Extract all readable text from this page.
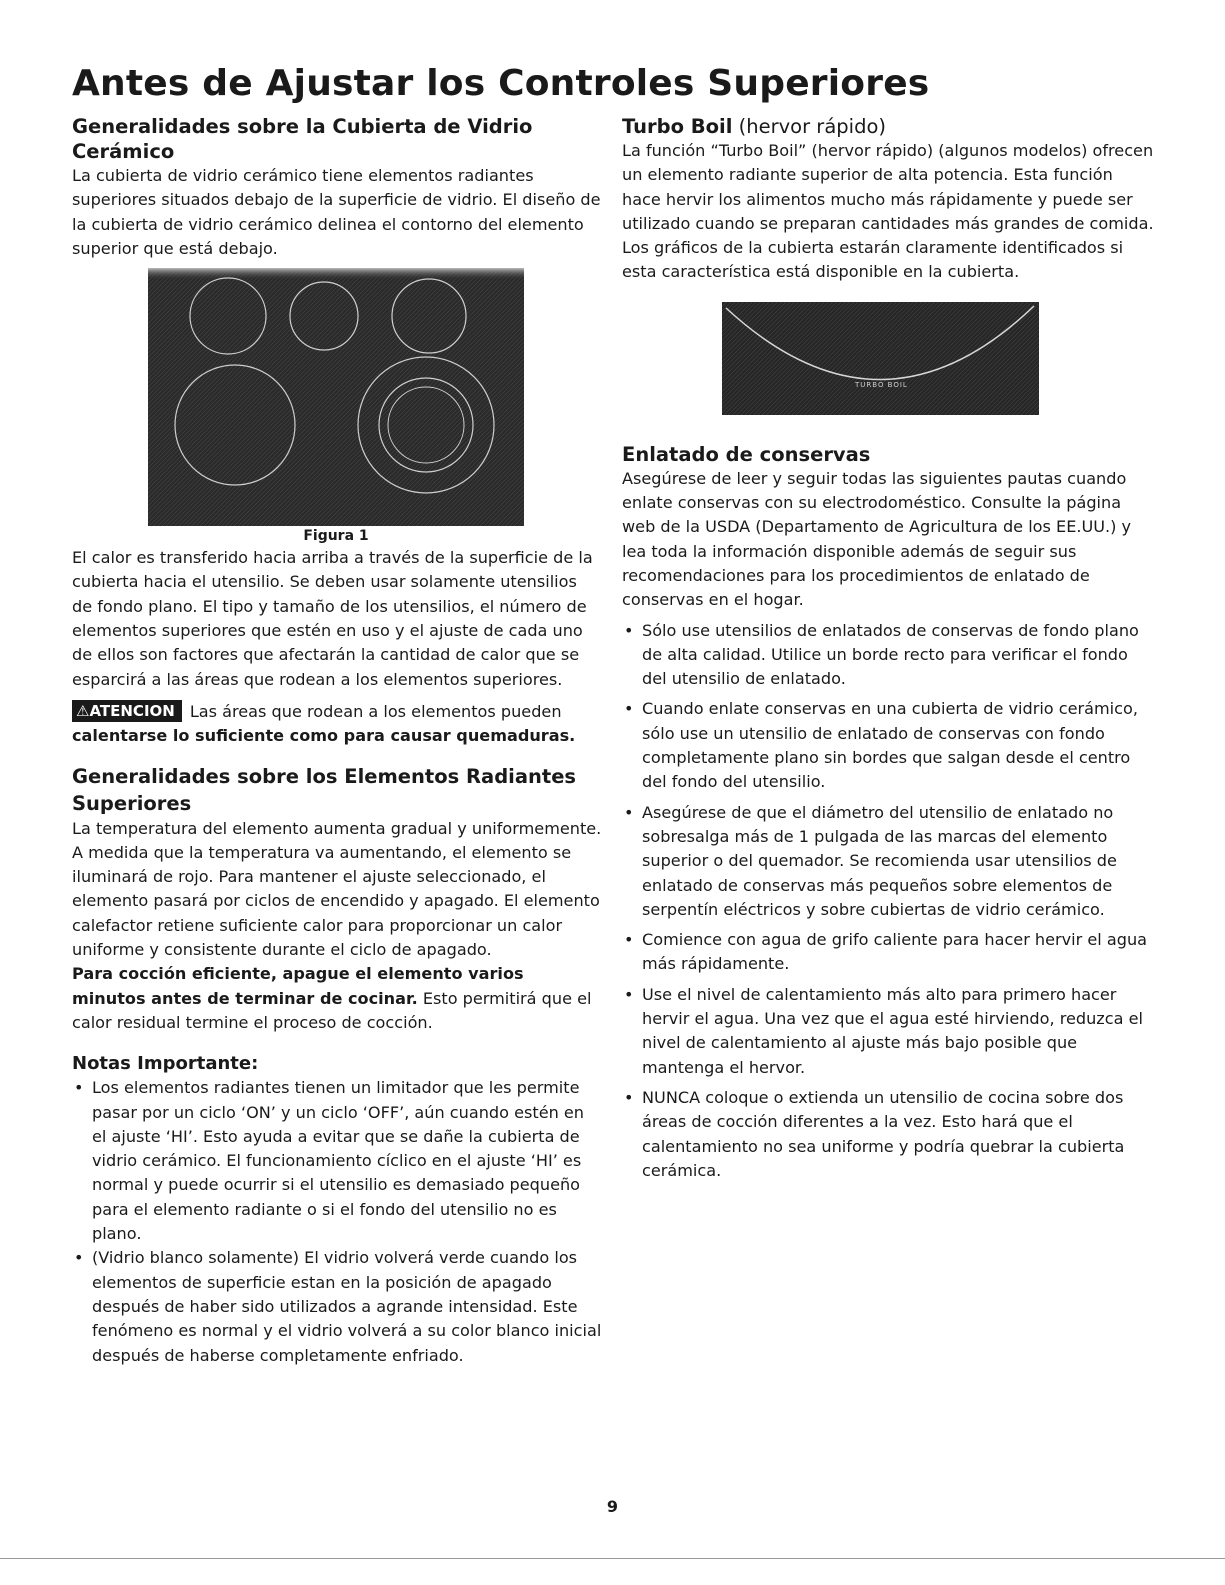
Antes de Ajustar los Controles Superiores
Generalidades sobre la Cubierta de Vidrio Cerámico

La cubierta de vidrio cerámico tiene elementos radiantes superiores situados debajo de la superficie de vidrio. El diseño de la cubierta de vidrio cerámico delinea el contorno del elemento superior que está debajo.

Figura 1

El calor es transferido hacia arriba a través de la superficie de la cubierta hacia el utensilio. Se deben usar solamente utensilios de fondo plano. El tipo y tamaño de los utensilios, el número de elementos superiores que estén en uso y el ajuste de cada uno de ellos son factores que afectarán la cantidad de calor que se esparcirá a las áreas que rodean a los elementos superiores.

⚠ATENCION Las áreas que rodean a los elementos pueden calentarse lo suficiente como para causar quemaduras.

Generalidades sobre los Elementos Radiantes Superiores

La temperatura del elemento aumenta gradual y uniformemente. A medida que la temperatura va aumentando, el elemento se iluminará de rojo. Para mantener el ajuste seleccionado, el elemento pasará por ciclos de encendido y apagado. El elemento calefactor retiene suficiente calor para proporcionar un calor uniforme y consistente durante el ciclo de apagado.

Para cocción eficiente, apague el elemento varios minutos antes de terminar de cocinar. Esto permitirá que el calor residual termine el proceso de cocción.

Notas Importante:
• Los elementos radiantes tienen un limitador que les permite pasar por un ciclo ‘ON’ y un ciclo ‘OFF’, aún cuando estén en el ajuste ‘HI’. Esto ayuda a evitar que se dañe la cubierta de vidrio cerámico. El funcionamiento cíclico en el ajuste ‘HI’ es normal y puede ocurrir si el utensilio es demasiado pequeño para el elemento radiante o si el fondo del utensilio no es plano.
• (Vidrio blanco solamente) El vidrio volverá verde cuando los elementos de superficie estan en la posición de apagado después de haber sido utilizados a agrande intensidad. Este fenómeno es normal y el vidrio volverá a su color blanco inicial después de haberse completamente enfriado.
Turbo Boil (hervor rápido)

La función “Turbo Boil” (hervor rápido) (algunos modelos) ofrecen un elemento radiante superior de alta potencia. Esta función hace hervir los alimentos mucho más rápidamente y puede ser utilizado cuando se preparan cantidades más grandes de comida. Los gráficos de la cubierta estarán claramente identificados si esta característica está disponible en la cubierta.

TURBO BOIL
Enlatado de conservas

Asegúrese de leer y seguir todas las siguientes pautas cuando enlate conservas con su electrodoméstico. Consulte la página web de la USDA (Departamento de Agricultura de los EE.UU.) y lea toda la información disponible además de seguir sus recomendaciones para los procedimientos de enlatado de conservas en el hogar.

• Sólo use utensilios de enlatados de conservas de fondo plano de alta calidad. Utilice un borde recto para verificar el fondo del utensilio de enlatado.
• Cuando enlate conservas en una cubierta de vidrio cerámico, sólo use un utensilio de enlatado de conservas con fondo completamente plano sin bordes que salgan desde el centro del fondo del utensilio.
• Asegúrese de que el diámetro del utensilio de enlatado no sobresalga más de 1 pulgada de las marcas del elemento superior o del quemador. Se recomienda usar utensilios de enlatado de conservas más pequeños sobre elementos de serpentín eléctricos y sobre cubiertas de vidrio cerámico.
• Comience con agua de grifo caliente para hacer hervir el agua más rápidamente.
• Use el nivel de calentamiento más alto para primero hacer hervir el agua. Una vez que el agua esté hirviendo, reduzca el nivel de calentamiento al ajuste más bajo posible que mantenga el hervor.
• NUNCA coloque o extienda un utensilio de cocina sobre dos áreas de cocción diferentes a la vez. Esto hará que el calentamiento no sea uniforme y podría quebrar la cubierta cerámica.
9
